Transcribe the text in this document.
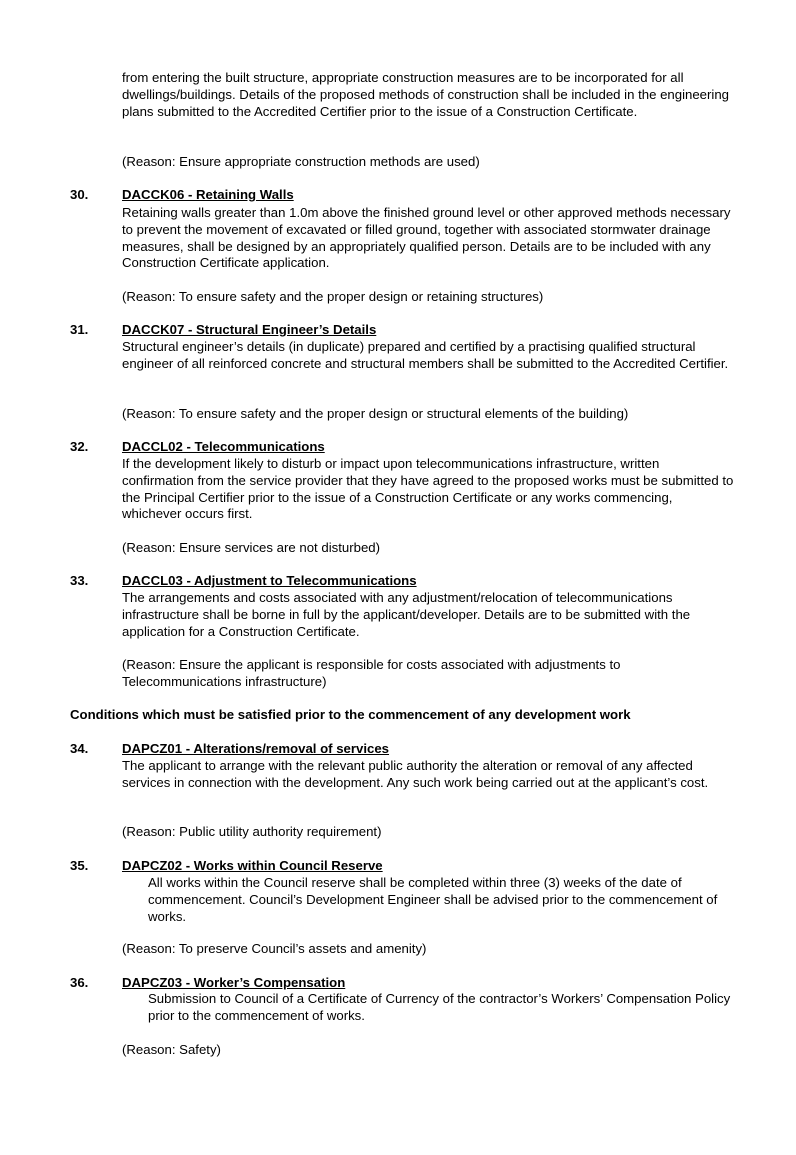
from entering the built structure, appropriate construction measures are to be incorporated for all dwellings/buildings. Details of the proposed methods of construction shall be included in the engineering plans submitted to the Accredited Certifier prior to the issue of a Construction Certificate.

(Reason: Ensure appropriate construction methods are used)

30.	DACCK06 - Retaining Walls

Retaining walls greater than 1.0m above the finished ground level or other approved methods necessary to prevent the movement of excavated or filled ground, together with associated stormwater drainage measures, shall be designed by an appropriately qualified person. Details are to be included with any Construction Certificate application.

(Reason: To ensure safety and the proper design or retaining structures)

31.	DACCK07 - Structural Engineer’s Details

Structural engineer’s details (in duplicate) prepared and certified by a practising qualified structural engineer of all reinforced concrete and structural members shall be submitted to the Accredited Certifier.

(Reason: To ensure safety and the proper design or structural elements of the building)

32.	DACCL02 - Telecommunications

If the development likely to disturb or impact upon telecommunications infrastructure, written confirmation from the service provider that they have agreed to the proposed works must be submitted to the Principal Certifier prior to the issue of a Construction Certificate or any works commencing, whichever occurs first.

(Reason: Ensure services are not disturbed)

33.	DACCL03 - Adjustment to Telecommunications

The arrangements and costs associated with any adjustment/relocation of telecommunications infrastructure shall be borne in full by the applicant/developer. Details are to be submitted with the application for a Construction Certificate.

(Reason: Ensure the applicant is responsible for costs associated with adjustments to Telecommunications infrastructure)

Conditions which must be satisfied prior to the commencement of any development work

34.	DAPCZ01 - Alterations/removal of services

The applicant to arrange with the relevant public authority the alteration or removal of any affected services in connection with the development. Any such work being carried out at the applicant’s cost.

(Reason: Public utility authority requirement)

35.	DAPCZ02 - Works within Council Reserve

All works within the Council reserve shall be completed within three (3) weeks of the date of commencement. Council’s Development Engineer shall be advised prior to the commencement of works.

(Reason: To preserve Council’s assets and amenity)

36.	DAPCZ03 - Worker’s Compensation

Submission to Council of a Certificate of Currency of the contractor’s Workers’ Compensation Policy prior to the commencement of works.

(Reason: Safety)
